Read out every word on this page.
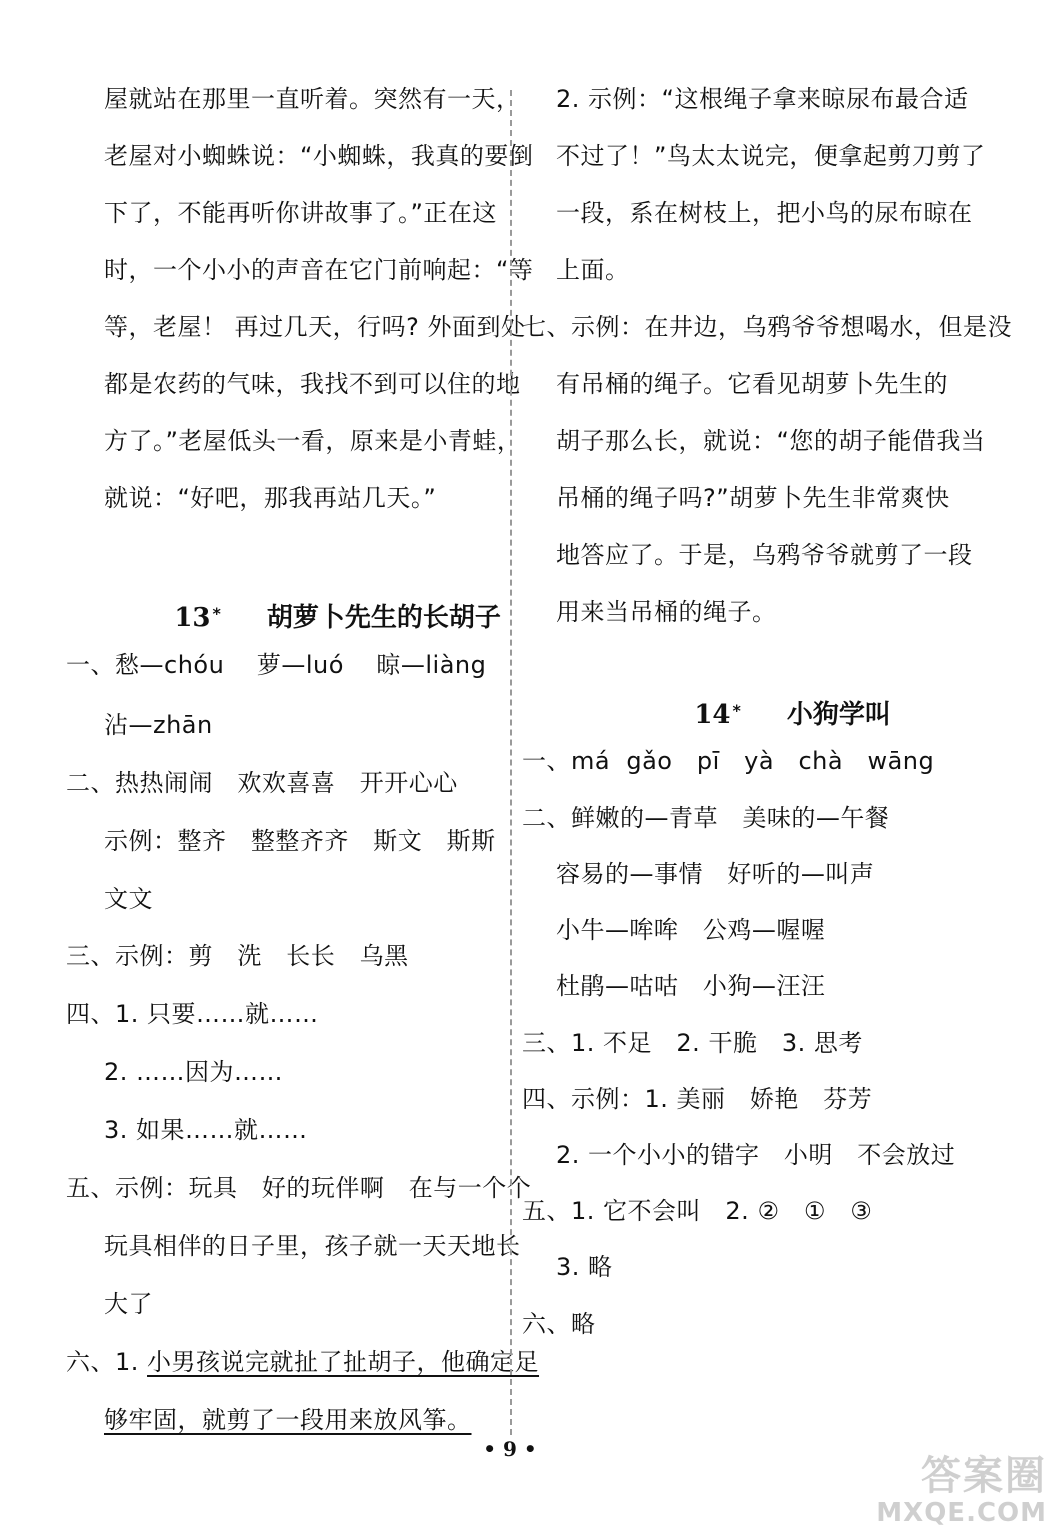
屋就站在那里一直听着。突然有一天，
老屋对小蜘蛛说：“小蜘蛛，我真的要倒
下了，不能再听你讲故事了。”正在这
时，一个小小的声音在它门前响起：“等
等，老屋！ 再过几天，行吗? 外面到处
都是农药的气味，我找不到可以住的地
方了。”老屋低头一看，原来是小青蛙，
就说：“好吧，那我再站几天。”

13 * 胡萝卜先生的长胡子

一、愁—chóu    萝—luó    晾—liàng
沾—zhān
二、热热闹闹   欢欢喜喜   开开心心
示例：整齐   整整齐齐   斯文   斯斯
文文
三、示例：剪   洗   长长   乌黑
四、1. 只要……就……
2. ……因为……
3. 如果……就……
五、示例：玩具   好的玩伴啊   在与一个个
玩具相伴的日子里，孩子就一天天地长
大了
六、1. 小男孩说完就扯了扯胡子，他确定足
够牢固，就剪了一段用来放风筝。
2. 示例：“这根绳子拿来晾尿布最合适
不过了！”鸟太太说完，便拿起剪刀剪了
一段，系在树枝上，把小鸟的尿布晾在
上面。
七、示例：在井边，乌鸦爷爷想喝水，但是没
有吊桶的绳子。它看见胡萝卜先生的
胡子那么长，就说：“您的胡子能借我当
吊桶的绳子吗?”胡萝卜先生非常爽快
地答应了。于是，乌鸦爷爷就剪了一段
用来当吊桶的绳子。

14 * 小狗学叫

一、má  gǎo   pī   yà   chà   wāng
二、鲜嫩的—青草   美味的—午餐
容易的—事情   好听的—叫声
小牛—哞哞   公鸡—喔喔
杜鹃—咕咕   小狗—汪汪
三、1. 不足   2. 干脆   3. 思考
四、示例：1. 美丽   娇艳   芬芳
2. 一个小小的错字   小明   不会放过
五、1. 它不会叫   2. ②   ①   ③
3. 略
六、略
• 9 •
答案圈
MXQE.COM
